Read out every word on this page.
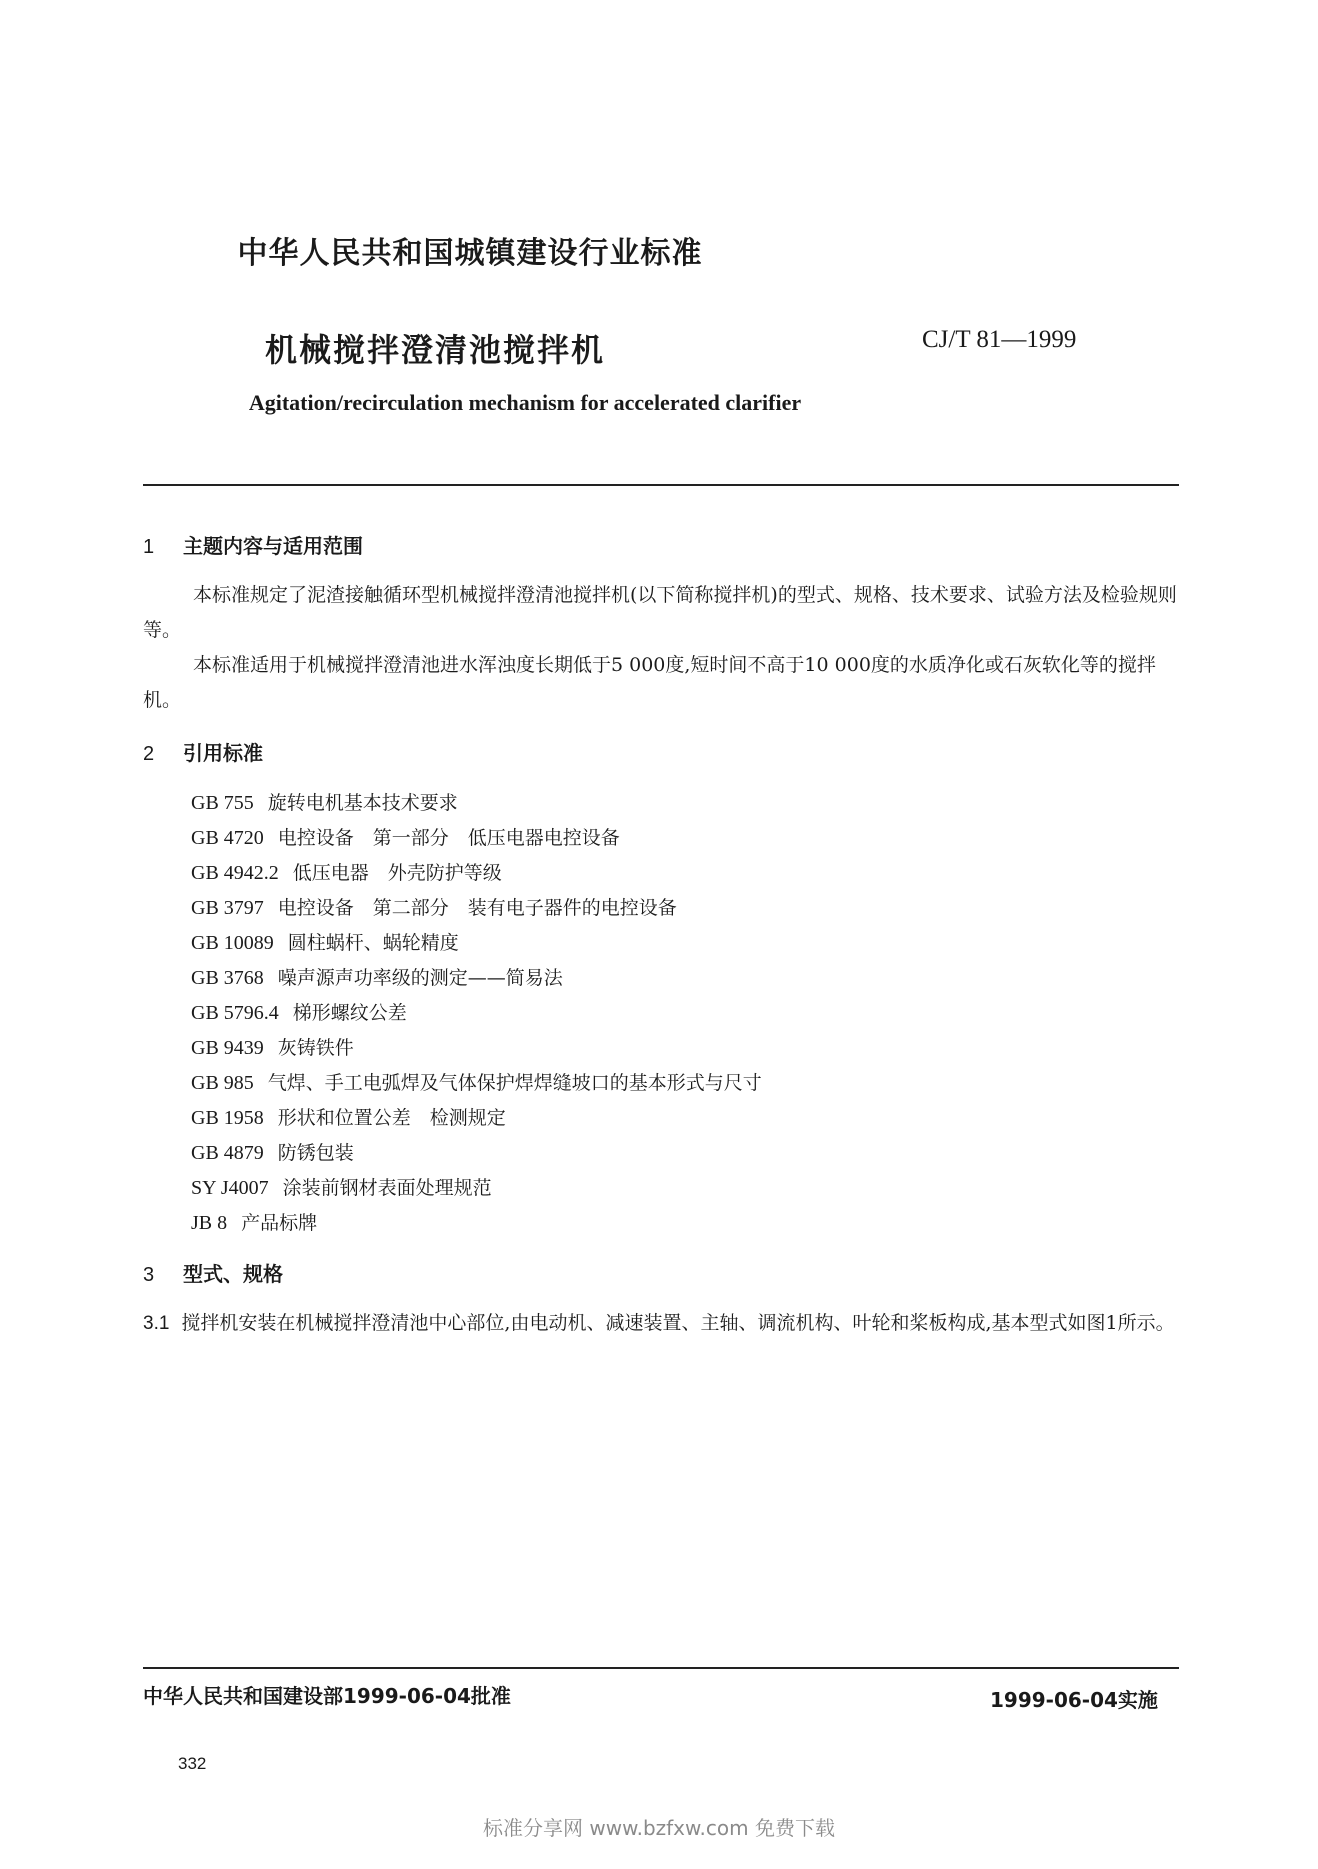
中华人民共和国城镇建设行业标准
机械搅拌澄清池搅拌机	CJ/T 81—1999
Agitation/recirculation mechanism for accelerated clarifier
1 主题内容与适用范围
本标准规定了泥渣接触循环型机械搅拌澄清池搅拌机(以下简称搅拌机)的型式、规格、技术要求、试验方法及检验规则等。
本标准适用于机械搅拌澄清池进水浑浊度长期低于5 000度,短时间不高于10 000度的水质净化或石灰软化等的搅拌机。
2 引用标准
GB 755 旋转电机基本技术要求
GB 4720 电控设备　第一部分　低压电器电控设备
GB 4942.2 低压电器　外壳防护等级
GB 3797 电控设备　第二部分　装有电子器件的电控设备
GB 10089 圆柱蜗杆、蜗轮精度
GB 3768 噪声源声功率级的测定——简易法
GB 5796.4 梯形螺纹公差
GB 9439 灰铸铁件
GB 985 气焊、手工电弧焊及气体保护焊焊缝坡口的基本形式与尺寸
GB 1958 形状和位置公差　检测规定
GB 4879 防锈包装
SY J4007 涂装前钢材表面处理规范
JB 8 产品标牌
3 型式、规格
3.1 搅拌机安装在机械搅拌澄清池中心部位,由电动机、减速装置、主轴、调流机构、叶轮和桨板构成,基本型式如图1所示。
中华人民共和国建设部1999-06-04批准	1999-06-04实施
332
标准分享网 www.bzfxw.com 免费下载
